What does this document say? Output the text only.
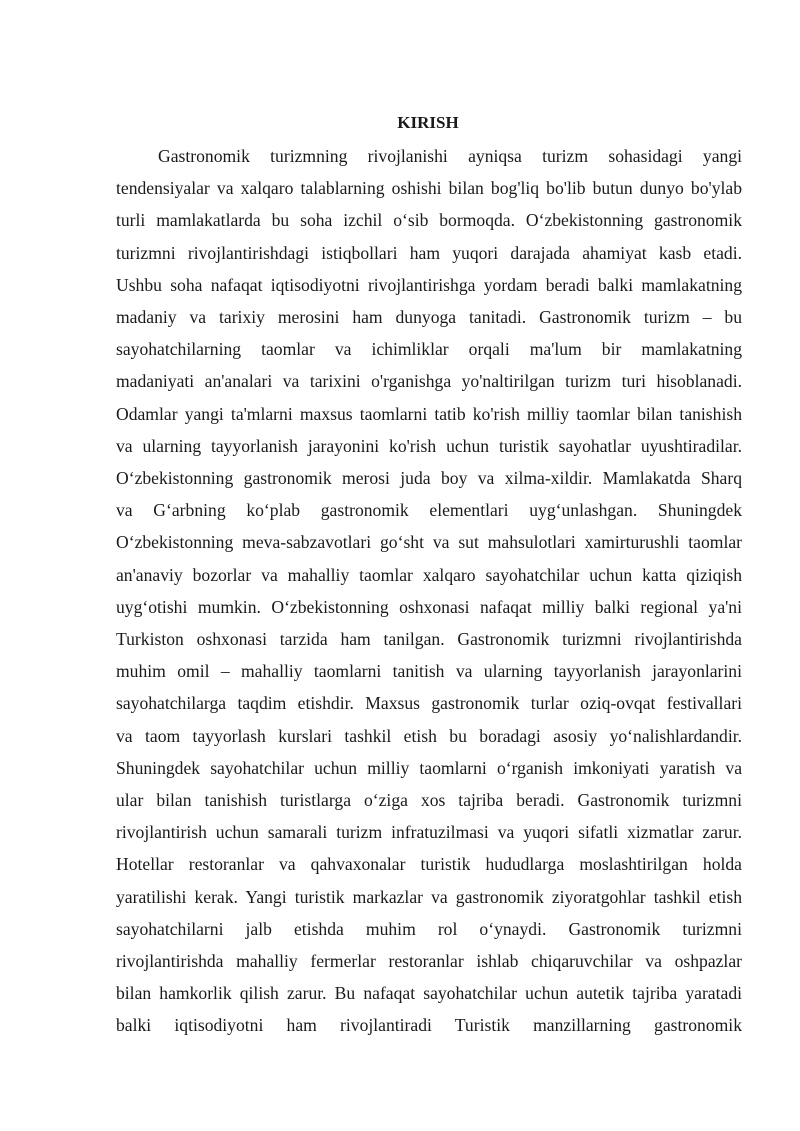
KIRISH
Gastronomik turizmning rivojlanishi ayniqsa turizm sohasidagi yangi
tendensiyalar va xalqaro talablarning oshishi bilan bog'liq bo'lib butun dunyo bo'ylab
turli mamlakatlarda bu soha izchil o‘sib bormoqda. O‘zbekistonning gastronomik
turizmni rivojlantirishdagi istiqbollari ham yuqori darajada ahamiyat kasb etadi.
Ushbu soha nafaqat iqtisodiyotni rivojlantirishga yordam beradi balki mamlakatning
madaniy va tarixiy merosini ham dunyoga tanitadi. Gastronomik turizm – bu
sayohatchilarning taomlar va ichimliklar orqali ma'lum bir mamlakatning
madaniyati an'analari va tarixini o'rganishga yo'naltirilgan turizm turi hisoblanadi.
Odamlar yangi ta'mlarni maxsus taomlarni tatib ko'rish milliy taomlar bilan tanishish
va ularning tayyorlanish jarayonini ko'rish uchun turistik sayohatlar uyushtiradilar.
O‘zbekistonning gastronomik merosi juda boy va xilma-xildir. Mamlakatda Sharq
va G‘arbning ko‘plab gastronomik elementlari uyg‘unlashgan. Shuningdek
O‘zbekistonning meva-sabzavotlari go‘sht va sut mahsulotlari xamirturushli taomlar
an'anaviy bozorlar va mahalliy taomlar xalqaro sayohatchilar uchun katta qiziqish
uyg‘otishi mumkin. O‘zbekistonning oshxonasi nafaqat milliy balki regional ya'ni
Turkiston oshxonasi tarzida ham tanilgan. Gastronomik turizmni rivojlantirishda
muhim omil – mahalliy taomlarni tanitish va ularning tayyorlanish jarayonlarini
sayohatchilarga taqdim etishdir. Maxsus gastronomik turlar oziq-ovqat festivallari
va taom tayyorlash kurslari tashkil etish bu boradagi asosiy yo‘nalishlardandir.
Shuningdek sayohatchilar uchun milliy taomlarni o‘rganish imkoniyati yaratish va
ular bilan tanishish turistlarga o‘ziga xos tajriba beradi. Gastronomik turizmni
rivojlantirish uchun samarali turizm infratuzilmasi va yuqori sifatli xizmatlar zarur.
Hotellar restoranlar va qahvaxonalar turistik hududlarga moslashtirilgan holda
yaratilishi kerak. Yangi turistik markazlar va gastronomik ziyoratgohlar tashkil etish
sayohatchilarni jalb etishda muhim rol o‘ynaydi. Gastronomik turizmni
rivojlantirishda mahalliy fermerlar restoranlar ishlab chiqaruvchilar va oshpazlar
bilan hamkorlik qilish zarur. Bu nafaqat sayohatchilar uchun autetik tajriba yaratadi
balki iqtisodiyotni ham rivojlantiradi Turistik manzillarning gastronomik
